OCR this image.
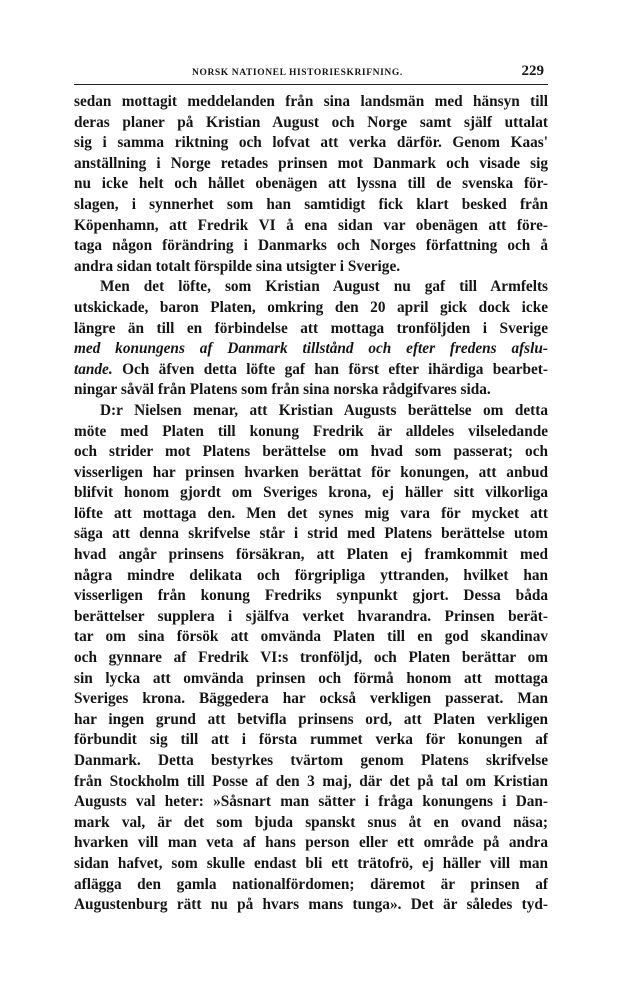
NORSK NATIONEL HISTORIESKRIFNING.	229
sedan mottagit meddelanden från sina landsmän med hänsyn till
deras planer på Kristian August och Norge samt själf uttalat
sig i samma riktning och lofvat att verka därför. Genom Kaas'
anställning i Norge retades prinsen mot Danmark och visade sig
nu icke helt och hållet obenägen att lyssna till de svenska för-
slagen, i synnerhet som han samtidigt fick klart besked från
Köpenhamn, att Fredrik VI å ena sidan var obenägen att före-
taga någon förändring i Danmarks och Norges författning och å
andra sidan totalt förspilde sina utsigter i Sverige.
Men det löfte, som Kristian August nu gaf till Armfelts
utskickade, baron Platen, omkring den 20 april gick dock icke
längre än till en förbindelse att mottaga tronföljden i Sverige
med konungens af Danmark tillstånd och efter fredens afslu-
tande. Och äfven detta löfte gaf han först efter ihärdiga bearbet-
ningar såväl från Platens som från sina norska rådgifvares sida.
D:r Nielsen menar, att Kristian Augusts berättelse om detta
möte med Platen till konung Fredrik är alldeles vilseledande
och strider mot Platens berättelse om hvad som passerat; och
visserligen har prinsen hvarken berättat för konungen, att anbud
blifvit honom gjordt om Sveriges krona, ej häller sitt vilkorliga
löfte att mottaga den. Men det synes mig vara för mycket att
säga att denna skrifvelse står i strid med Platens berättelse utom
hvad angår prinsens försäkran, att Platen ej framkommit med
några mindre delikata och förgripliga yttranden, hvilket han
visserligen från konung Fredriks synpunkt gjort. Dessa båda
berättelser supplera i själfva verket hvarandra. Prinsen berät-
tar om sina försök att omvända Platen till en god skandinav
och gynnare af Fredrik VI:s tronföljd, och Platen berättar om
sin lycka att omvända prinsen och förmå honom att mottaga
Sveriges krona. Bäggedera har också verkligen passerat. Man
har ingen grund att betvifla prinsens ord, att Platen verkligen
förbundit sig till att i första rummet verka för konungen af
Danmark. Detta bestyrkes tvärtom genom Platens skrifvelse
från Stockholm till Posse af den 3 maj, där det på tal om Kristian
Augusts val heter: »Såsnart man sätter i fråga konungens i Dan-
mark val, är det som bjuda spanskt snus åt en ovand näsa;
hvarken vill man veta af hans person eller ett område på andra
sidan hafvet, som skulle endast bli ett trätofrö, ej häller vill man
aflägga den gamla nationalfördomen; däremot är prinsen af
Augustenburg rätt nu på hvars mans tunga». Det är således tyd-
